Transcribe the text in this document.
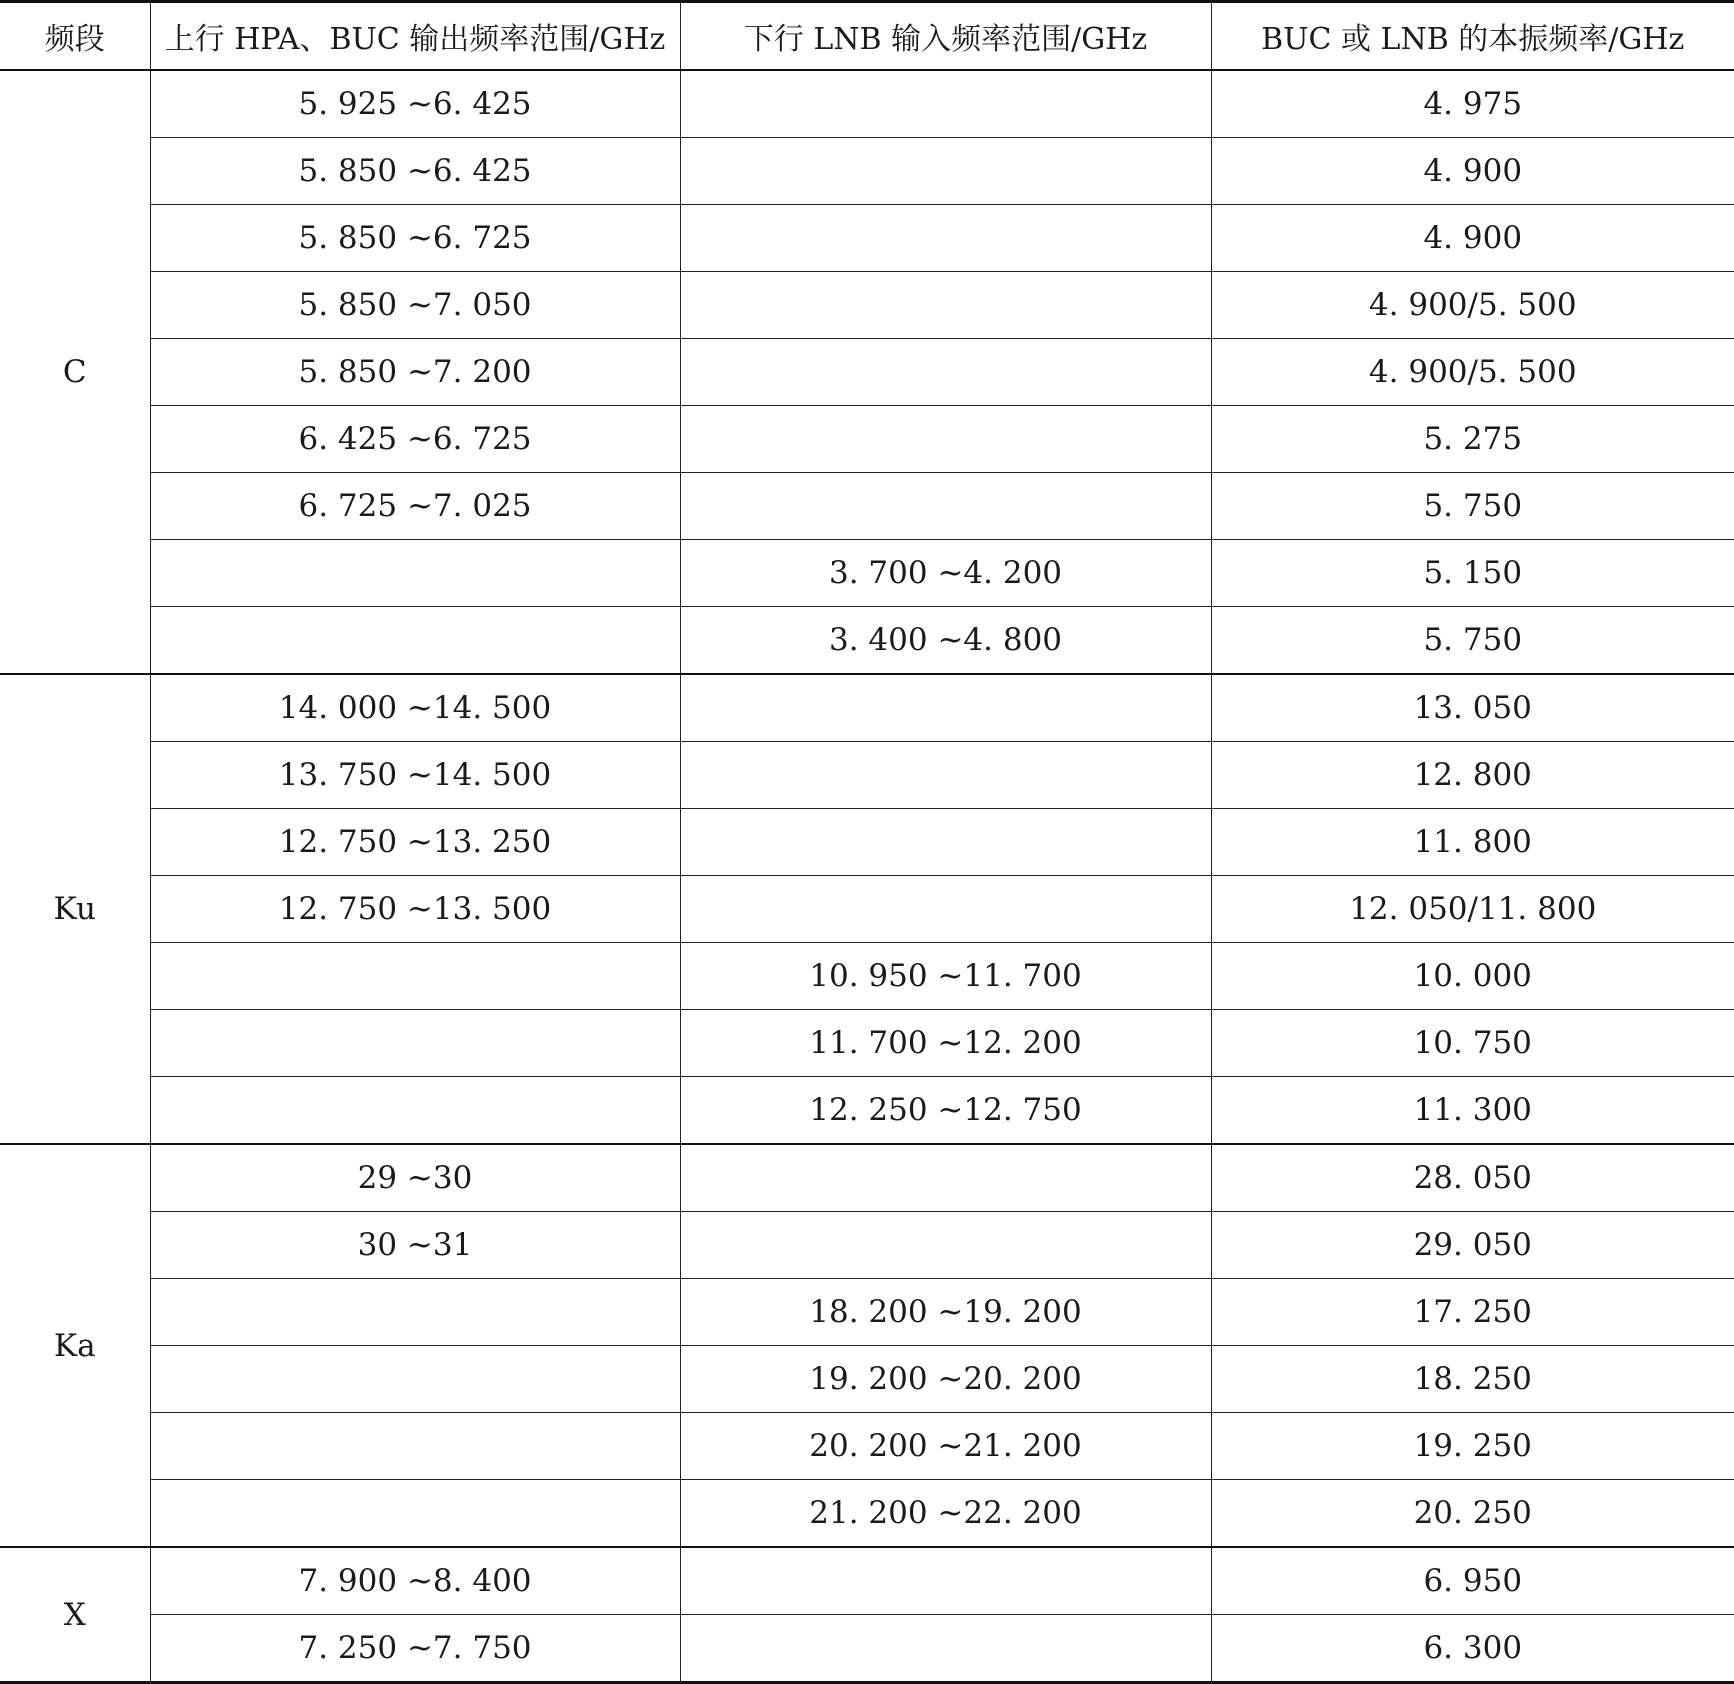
频段	上行 HPA、BUC 输出频率范围/GHz	下行 LNB 输入频率范围/GHz	BUC 或 LNB 的本振频率/GHz
C	5. 925 ~6. 425		4. 975
	5. 850 ~6. 425		4. 900
	5. 850 ~6. 725		4. 900
	5. 850 ~7. 050		4. 900/5. 500
	5. 850 ~7. 200		4. 900/5. 500
	6. 425 ~6. 725		5. 275
	6. 725 ~7. 025		5. 750
		3. 700 ~4. 200	5. 150
		3. 400 ~4. 800	5. 750
Ku	14. 000 ~14. 500		13. 050
	13. 750 ~14. 500		12. 800
	12. 750 ~13. 250		11. 800
	12. 750 ~13. 500		12. 050/11. 800
		10. 950 ~11. 700	10. 000
		11. 700 ~12. 200	10. 750
		12. 250 ~12. 750	11. 300
Ka	29 ~30		28. 050
	30 ~31		29. 050
		18. 200 ~19. 200	17. 250
		19. 200 ~20. 200	18. 250
		20. 200 ~21. 200	19. 250
		21. 200 ~22. 200	20. 250
X	7. 900 ~8. 400		6. 950
	7. 250 ~7. 750		6. 300
